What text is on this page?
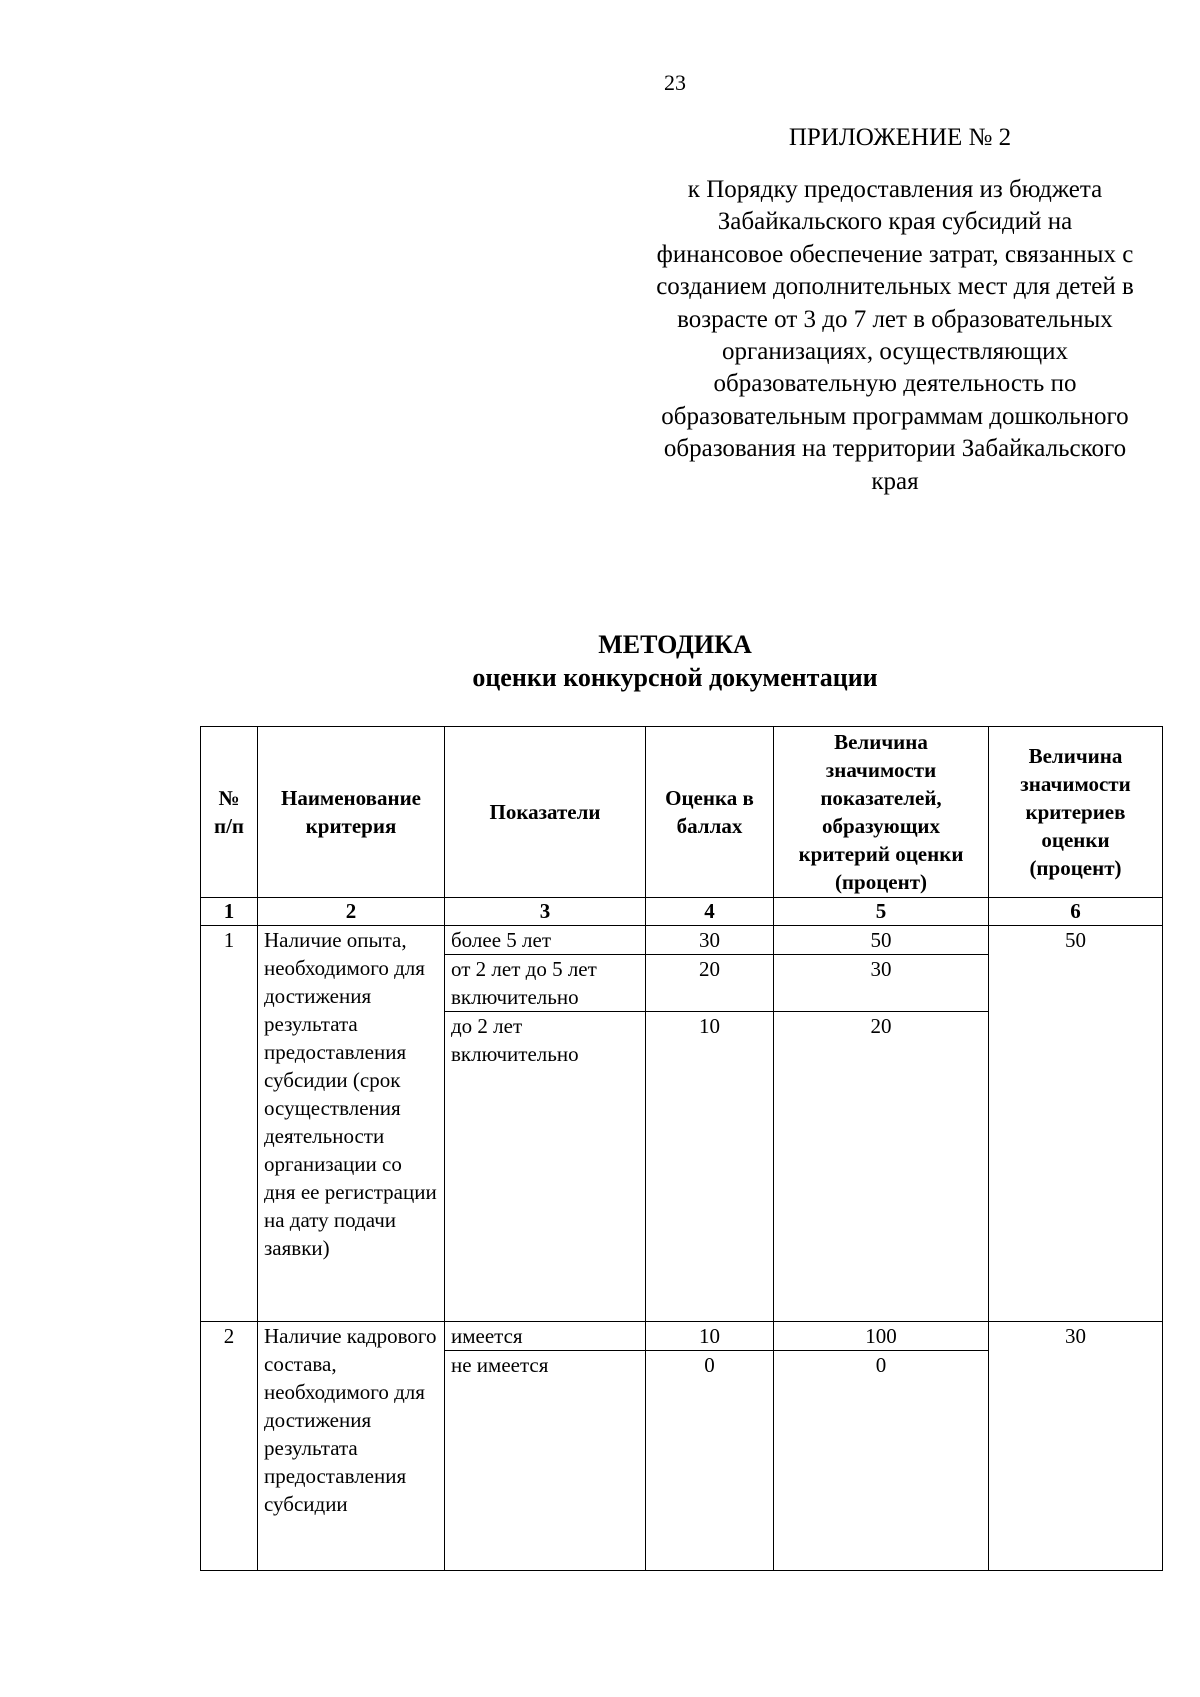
23
ПРИЛОЖЕНИЕ № 2
к Порядку предоставления из бюджета
Забайкальского края субсидий на
финансовое обеспечение затрат, связанных с
созданием дополнительных мест для детей в
возрасте от 3 до 7 лет в образовательных
организациях, осуществляющих
образовательную деятельность по
образовательным программам дошкольного
образования на территории Забайкальского
края
МЕТОДИКА
оценки конкурсной документации
№ п/п	Наименование критерия	Показатели	Оценка в баллах	Величина значимости показателей, образующих критерий оценки (процент)	Величина значимости критериев оценки (процент)
1	2	3	4	5	6
1	Наличие опыта, необходимого для достижения результата предоставления субсидии (срок осуществления деятельности организации со дня ее регистрации на дату подачи заявки)	более 5 лет	30	50	50
		от 2 лет до 5 лет включительно	20	30	
		до 2 лет включительно	10	20	
2	Наличие кадрового состава, необходимого для достижения результата предоставления субсидии	имеется	10	100	30
		не имеется	0	0	
